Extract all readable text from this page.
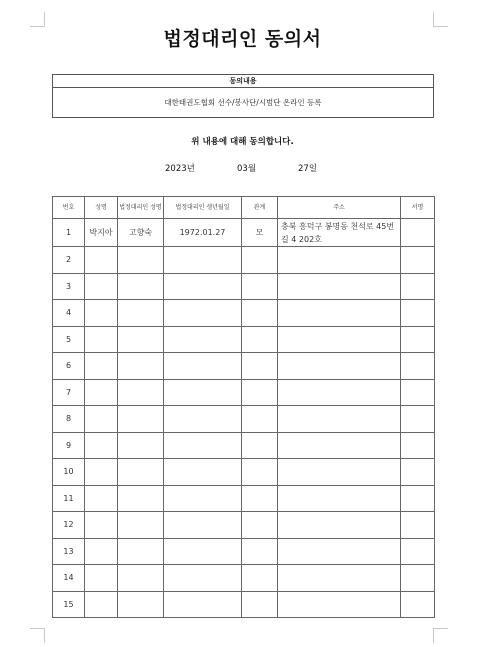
법정대리인 동의서
동의내용
대한태권도협회 선수/봉사단/시범단 온라인 등록
위 내용에 대해 동의합니다.
2023년	03월	27일
번호	성명	법정대리인 성명	법정대리인 생년월일	관계	주소	서명
1	박지아	고향숙	1972.01.27	모	충북 흥덕구 봉명동 천석로 45번길 4 202호	
2						
3						
4						
5						
6						
7						
8						
9						
10						
11						
12						
13						
14						
15						
